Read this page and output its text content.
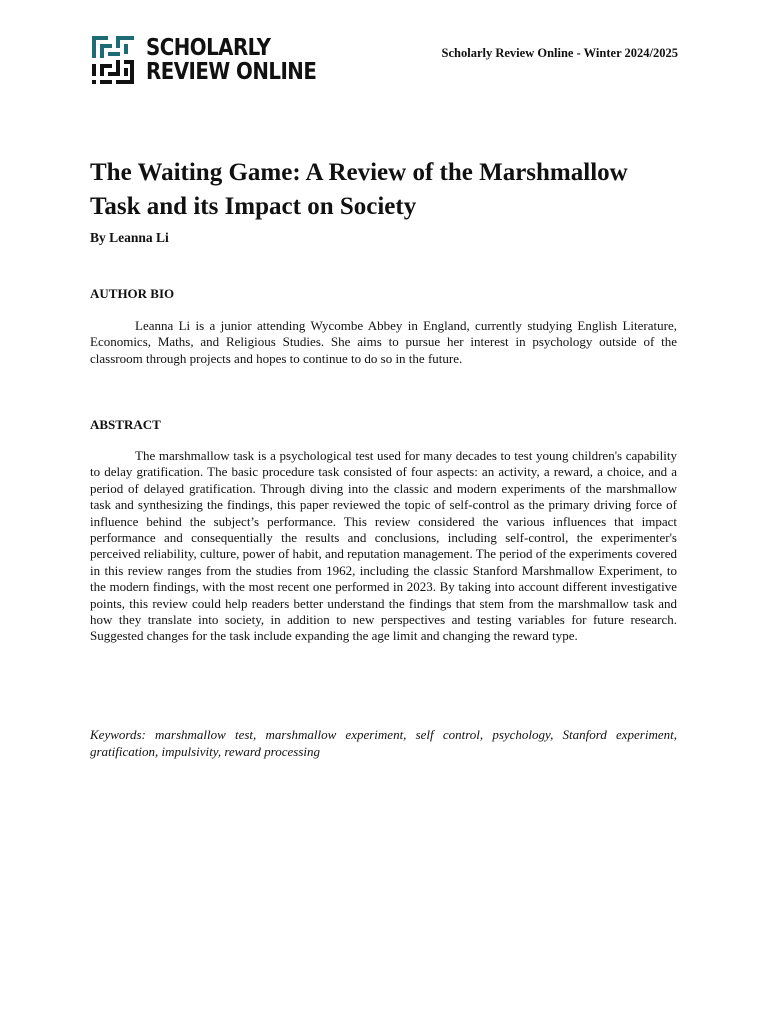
SCHOLARLY
REVIEW ONLINE
Scholarly Review Online - Winter 2024/2025
The Waiting Game: A Review of the Marshmallow Task and its Impact on Society
By Leanna Li
AUTHOR BIO

Leanna Li is a junior attending Wycombe Abbey in England, currently studying English Literature, Economics, Maths, and Religious Studies. She aims to pursue her interest in psychology outside of the classroom through projects and hopes to continue to do so in the future.

ABSTRACT

The marshmallow task is a psychological test used for many decades to test young children's capability to delay gratification. The basic procedure task consisted of four aspects: an activity, a reward, a choice, and a period of delayed gratification. Through diving into the classic and modern experiments of the marshmallow task and synthesizing the findings, this paper reviewed the topic of self-control as the primary driving force of influence behind the subject’s performance. This review considered the various influences that impact performance and consequentially the results and conclusions, including self-control, the experimenter's perceived reliability, culture, power of habit, and reputation management. The period of the experiments covered in this review ranges from the studies from 1962, including the classic Stanford Marshmallow Experiment, to the modern findings, with the most recent one performed in 2023. By taking into account different investigative points, this review could help readers better understand the findings that stem from the marshmallow task and how they translate into society, in addition to new perspectives and testing variables for future research. Suggested changes for the task include expanding the age limit and changing the reward type.

Keywords: marshmallow test, marshmallow experiment, self control, psychology, Stanford experiment, gratification, impulsivity, reward processing
